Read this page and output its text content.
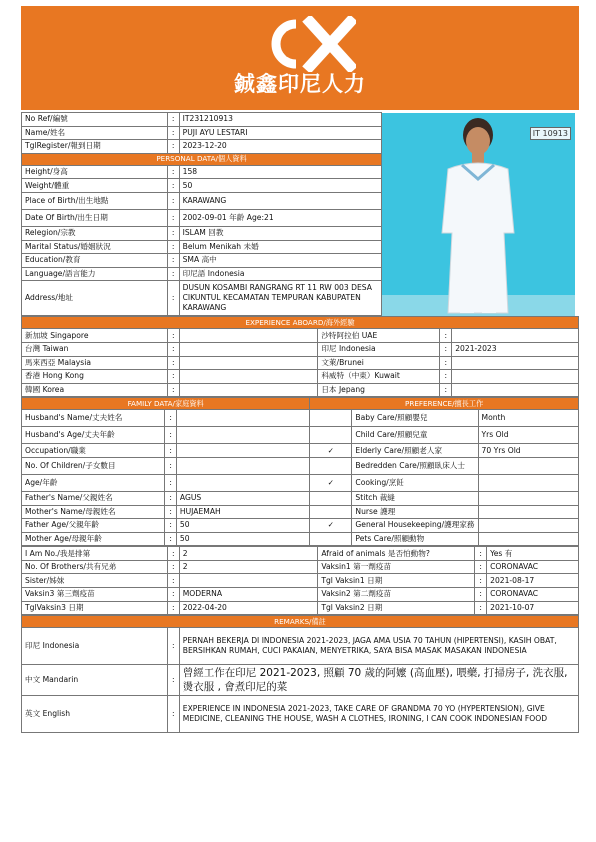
鋮鑫印尼人力
IT 10913
No Ref/編號	:	IT231210913
Name/姓名	:	PUJI AYU LESTARI
TglRegister/報到日期	:	2023-12-20
PERSONAL DATA/個人資料		
Height/身高	:	158
Weight/體重	:	50
Place of Birth/出生地點	:	KARAWANG
Date Of Birth/出生日期	:	2002-09-01 年齡 Age:21
Relegion/宗教	:	ISLAM 回教
Marital Status/婚姻狀況	:	Belum Menikah 未婚
Education/教育	:	SMA 高中
Language/語言能力	:	印尼語 Indonesia
Address/地址	:	DUSUN KOSAMBI RANGRANG RT 11 RW 003 DESA CIKUNTUL KECAMATAN TEMPURAN KABUPATEN KARAWANG
EXPERIENCE ABOARD/海外經驗					
新加坡 Singapore	:		沙特阿拉伯 UAE	:	
台灣 Taiwan	:		印尼 Indonesia	:	2021-2023
馬來西亞 Malaysia	:		文萊/Brunei	:	
香港 Hong Kong	:		科威特（中東）Kuwait	:	
韓國 Korea	:		日本 Jepang	:	
FAMILY DATA/家庭資料			PREFERENCE/擅長工作		
Husband's Name/丈夫姓名	:			Baby Care/照顧嬰兒	Month
Husband's Age/丈夫年齡	:			Child Care/照顧兒童	Yrs Old
Occupation/職業	:		✓	Elderly Care/照顧老人家	70 Yrs Old
No. Of Children/子女數目	:			Bedredden Care/照顧臥床人士	
Age/年齡	:		✓	Cooking/烹飪	
Father's Name/父親姓名	:	AGUS		Stitch 裁縫	
Mother's Name/母親姓名	:	HUJAEMAH		Nurse 護理	
Father Age/父親年齡	:	50	✓	General Housekeeping/護理家務	
Mother Age/母親年齡	:	50		Pets Care/照顧動物	
I Am No./我是排第	:	2	Afraid of animals 是否怕動物?	:	Yes 有
No. Of Brothers/共有兄弟	:	2	Vaksin1 第一劑疫苗	:	CORONAVAC
Sister/姊妹	:		Tgl Vaksin1 日期	:	2021-08-17
Vaksin3 第三劑疫苗	:	MODERNA	Vaksin2 第二劑疫苗	:	CORONAVAC
TglVaksin3 日期	:	2022-04-20	Tgl Vaksin2 日期	:	2021-10-07
REMARKS/備註		
印尼 Indonesia	:	PERNAH BEKERJA DI INDONESIA 2021-2023, JAGA AMA USIA 70 TAHUN (HIPERTENSI), KASIH OBAT, BERSIHKAN RUMAH, CUCI PAKAIAN, MENYETRIKA, SAYA BISA MASAK MASAKAN INDONESIA
中文 Mandarin	:	曾經工作在印尼 2021-2023, 照顧 70 歲的阿嬤 (高血壓), 喂藥, 打掃房子, 洗衣服, 燙衣服 , 會煮印尼的菜
英文 English	:	EXPERIENCE IN INDONESIA 2021-2023, TAKE CARE OF GRANDMA 70 YO (HYPERTENSION), GIVE MEDICINE, CLEANING THE HOUSE, WASH A CLOTHES, IRONING, I CAN COOK INDONESIAN FOOD
